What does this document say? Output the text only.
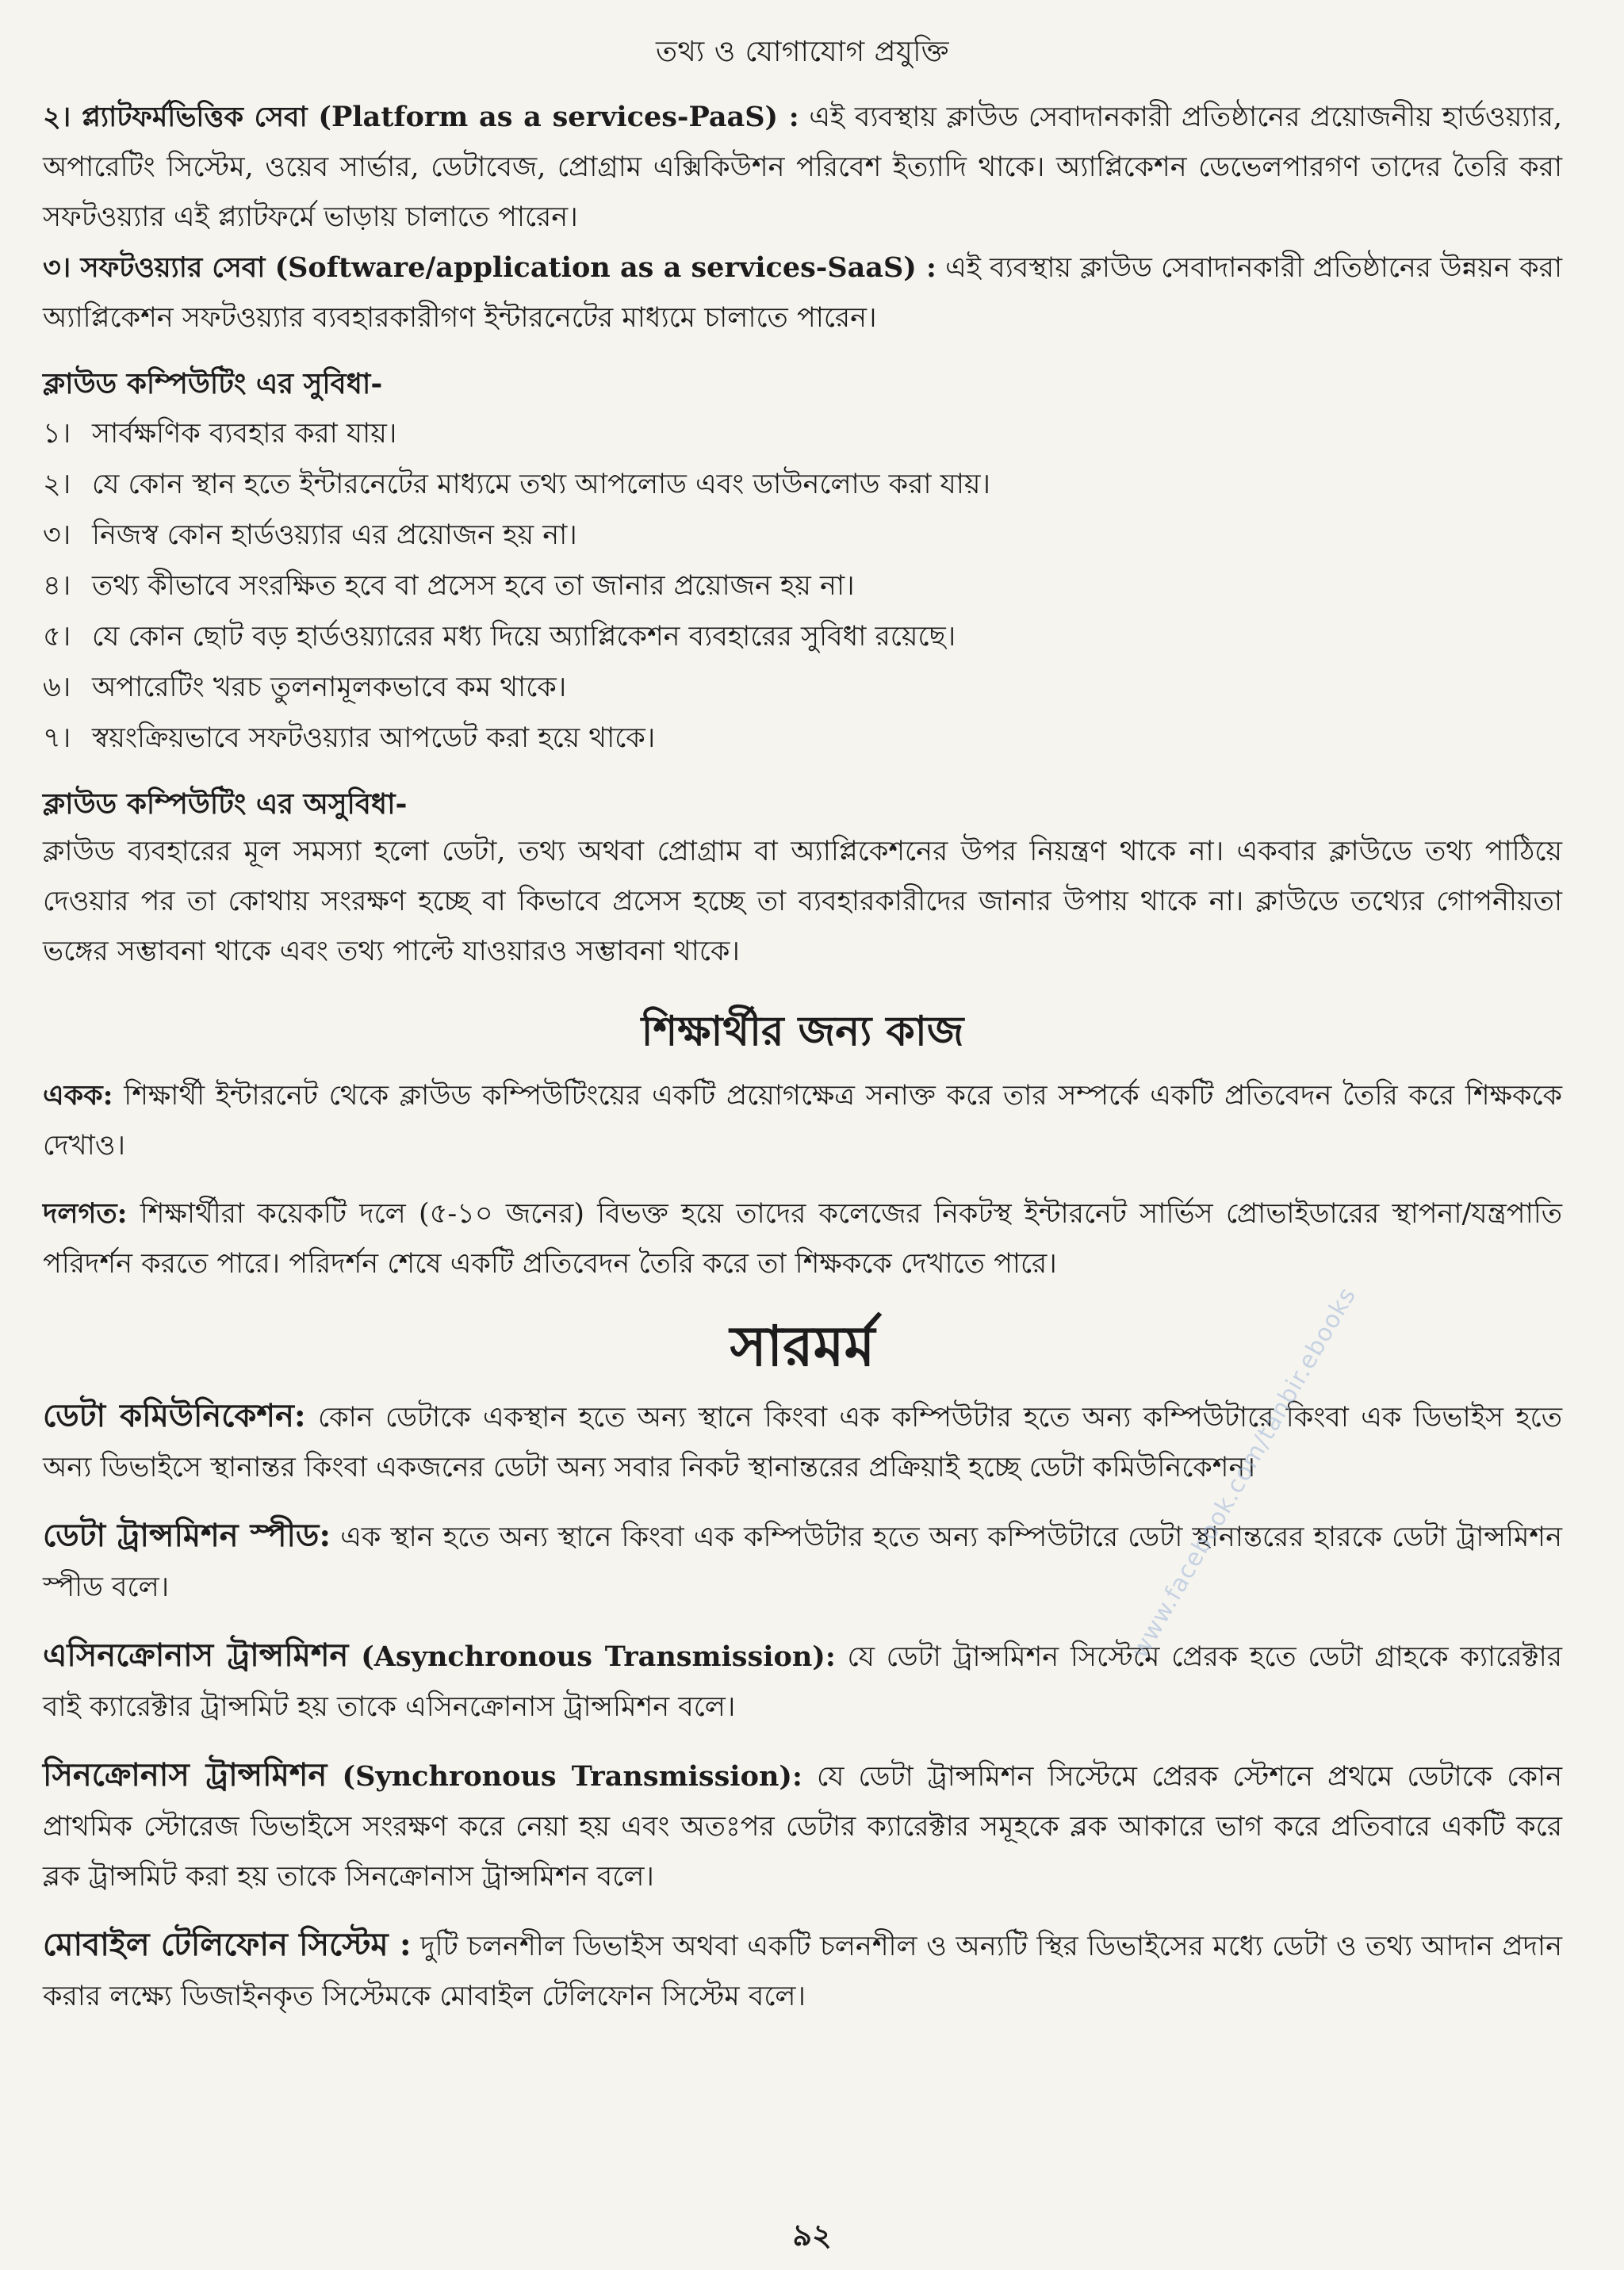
তথ্য ও যোগাযোগ প্রযুক্তি

২। প্ল্যাটফর্মভিত্তিক সেবা (Platform as a services-PaaS) : এই ব্যবস্থায় ক্লাউড সেবাদানকারী প্রতিষ্ঠানের প্রয়োজনীয় হার্ডওয়্যার, অপারেটিং সিস্টেম, ওয়েব সার্ভার, ডেটাবেজ, প্রোগ্রাম এক্সিকিউশন পরিবেশ ইত্যাদি থাকে। অ্যাপ্লিকেশন ডেভেলপারগণ তাদের তৈরি করা সফটওয়্যার এই প্ল্যাটফর্মে ভাড়ায় চালাতে পারেন।

৩। সফটওয়্যার সেবা (Software/application as a services-SaaS) : এই ব্যবস্থায় ক্লাউড সেবাদানকারী প্রতিষ্ঠানের উন্নয়ন করা অ্যাপ্লিকেশন সফটওয়্যার ব্যবহারকারীগণ ইন্টারনেটের মাধ্যমে চালাতে পারেন।

ক্লাউড কম্পিউটিং এর সুবিধা-
১। সার্বক্ষণিক ব্যবহার করা যায়।
২। যে কোন স্থান হতে ইন্টারনেটের মাধ্যমে তথ্য আপলোড এবং ডাউনলোড করা যায়।
৩। নিজস্ব কোন হার্ডওয়্যার এর প্রয়োজন হয় না।
৪। তথ্য কীভাবে সংরক্ষিত হবে বা প্রসেস হবে তা জানার প্রয়োজন হয় না।
৫। যে কোন ছোট বড় হার্ডওয়্যারের মধ্য দিয়ে অ্যাপ্লিকেশন ব্যবহারের সুবিধা রয়েছে।
৬। অপারেটিং খরচ তুলনামূলকভাবে কম থাকে।
৭। স্বয়ংক্রিয়ভাবে সফটওয়্যার আপডেট করা হয়ে থাকে।
ক্লাউড কম্পিউটিং এর অসুবিধা-

ক্লাউড ব্যবহারের মূল সমস্যা হলো ডেটা, তথ্য অথবা প্রোগ্রাম বা অ্যাপ্লিকেশনের উপর নিয়ন্ত্রণ থাকে না। একবার ক্লাউডে তথ্য পাঠিয়ে দেওয়ার পর তা কোথায় সংরক্ষণ হচ্ছে বা কিভাবে প্রসেস হচ্ছে তা ব্যবহারকারীদের জানার উপায় থাকে না। ক্লাউডে তথ্যের গোপনীয়তা ভঙ্গের সম্ভাবনা থাকে এবং তথ্য পাল্টে যাওয়ারও সম্ভাবনা থাকে।

শিক্ষার্থীর জন্য কাজ

একক: শিক্ষার্থী ইন্টারনেট থেকে ক্লাউড কম্পিউটিংয়ের একটি প্রয়োগক্ষেত্র সনাক্ত করে তার সম্পর্কে একটি প্রতিবেদন তৈরি করে শিক্ষককে দেখাও।

দলগত: শিক্ষার্থীরা কয়েকটি দলে (৫-১০ জনের) বিভক্ত হয়ে তাদের কলেজের নিকটস্থ ইন্টারনেট সার্ভিস প্রোভাইডারের স্থাপনা/যন্ত্রপাতি পরিদর্শন করতে পারে। পরিদর্শন শেষে একটি প্রতিবেদন তৈরি করে তা শিক্ষককে দেখাতে পারে।

সারমর্ম

ডেটা কমিউনিকেশন: কোন ডেটাকে একস্থান হতে অন্য স্থানে কিংবা এক কম্পিউটার হতে অন্য কম্পিউটারে কিংবা এক ডিভাইস হতে অন্য ডিভাইসে স্থানান্তর কিংবা একজনের ডেটা অন্য সবার নিকট স্থানান্তরের প্রক্রিয়াই হচ্ছে ডেটা কমিউনিকেশন।

ডেটা ট্রান্সমিশন স্পীড: এক স্থান হতে অন্য স্থানে কিংবা এক কম্পিউটার হতে অন্য কম্পিউটারে ডেটা স্থানান্তরের হারকে ডেটা ট্রান্সমিশন স্পীড বলে।

এসিনক্রোনাস ট্রান্সমিশন (Asynchronous Transmission): যে ডেটা ট্রান্সমিশন সিস্টেমে প্রেরক হতে ডেটা গ্রাহকে ক্যারেক্টার বাই ক্যারেক্টার ট্রান্সমিট হয় তাকে এসিনক্রোনাস ট্রান্সমিশন বলে।

সিনক্রোনাস ট্রান্সমিশন (Synchronous Transmission): যে ডেটা ট্রান্সমিশন সিস্টেমে প্রেরক স্টেশনে প্রথমে ডেটাকে কোন প্রাথমিক স্টোরেজ ডিভাইসে সংরক্ষণ করে নেয়া হয় এবং অতঃপর ডেটার ক্যারেক্টার সমূহকে ব্লক আকারে ভাগ করে প্রতিবারে একটি করে ব্লক ট্রান্সমিট করা হয় তাকে সিনক্রোনাস ট্রান্সমিশন বলে।

মোবাইল টেলিফোন সিস্টেম : দুটি চলনশীল ডিভাইস অথবা একটি চলনশীল ও অন্যটি স্থির ডিভাইসের মধ্যে ডেটা ও তথ্য আদান প্রদান করার লক্ষ্যে ডিজাইনকৃত সিস্টেমকে মোবাইল টেলিফোন সিস্টেম বলে।

www.facebook.com/tanbir.ebooks
৯২
